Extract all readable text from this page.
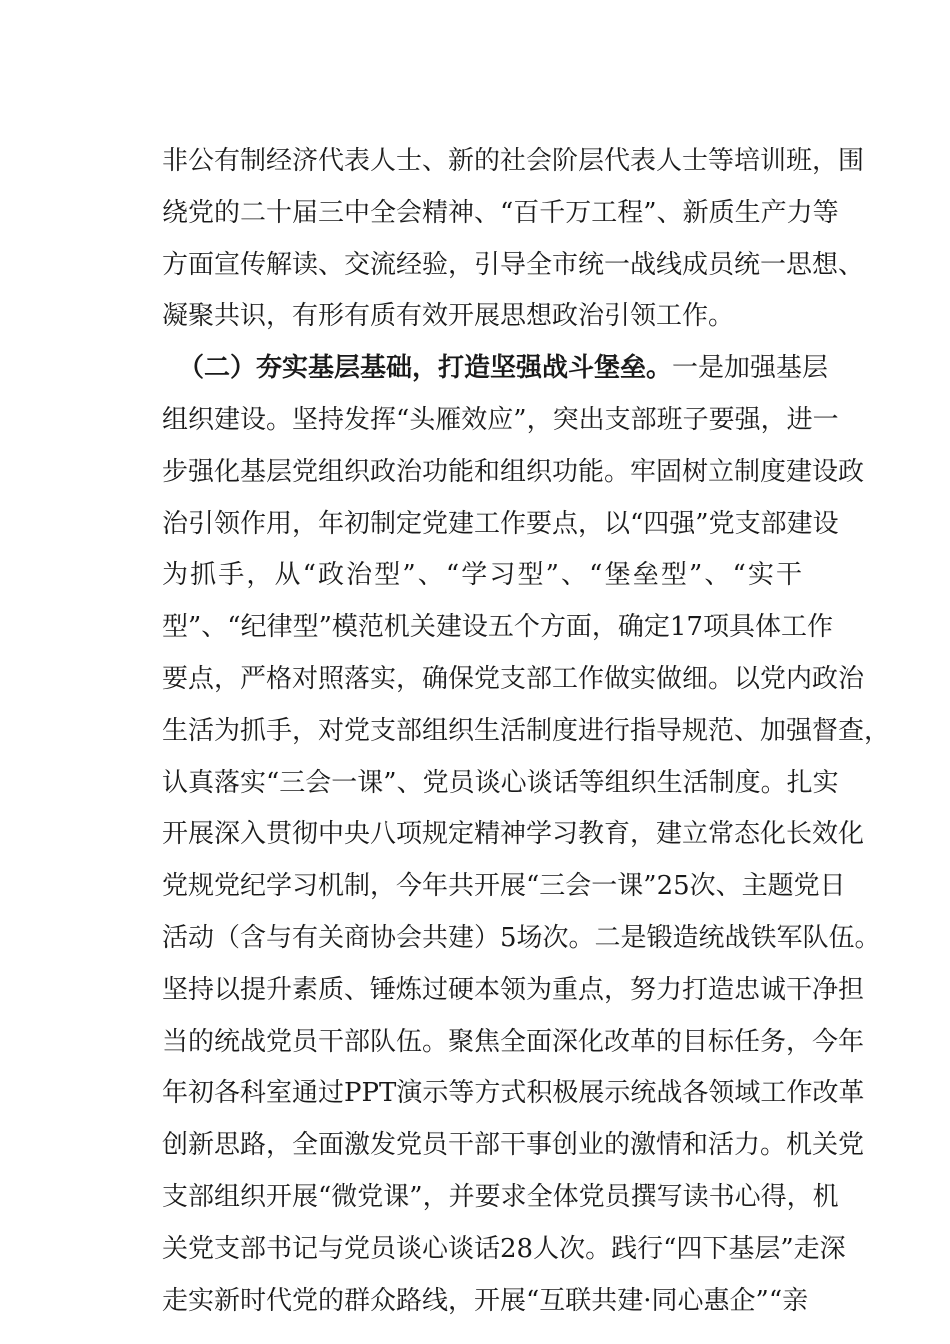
非公有制经济代表人士、新的社会阶层代表人士等培训班，围
绕党的二十届三中全会精神、“百千万工程”、新质生产力等
方面宣传解读、交流经验，引导全市统一战线成员统一思想、
凝聚共识，有形有质有效开展思想政治引领工作。
（二）夯实基层基础，打造坚强战斗堡垒。一是加强基层
组织建设。坚持发挥“头雁效应”，突出支部班子要强，进一
步强化基层党组织政治功能和组织功能。牢固树立制度建设政
治引领作用，年初制定党建工作要点，以“四强”党支部建设
为抓手，从“政治型”、“学习型”、“堡垒型”、“实干
型”、“纪律型”模范机关建设五个方面，确定17项具体工作
要点，严格对照落实，确保党支部工作做实做细。以党内政治
生活为抓手，对党支部组织生活制度进行指导规范、加强督查，
认真落实“三会一课”、党员谈心谈话等组织生活制度。扎实
开展深入贯彻中央八项规定精神学习教育，建立常态化长效化
党规党纪学习机制，今年共开展“三会一课”25次、主题党日
活动（含与有关商协会共建）5场次。二是锻造统战铁军队伍。
坚持以提升素质、锤炼过硬本领为重点，努力打造忠诚干净担
当的统战党员干部队伍。聚焦全面深化改革的目标任务，今年
年初各科室通过PPT演示等方式积极展示统战各领域工作改革
创新思路，全面激发党员干部干事创业的激情和活力。机关党
支部组织开展“微党课”，并要求全体党员撰写读书心得，机
关党支部书记与党员谈心谈话28人次。践行“四下基层”走深
走实新时代党的群众路线，开展“互联共建·同心惠企”“亲
